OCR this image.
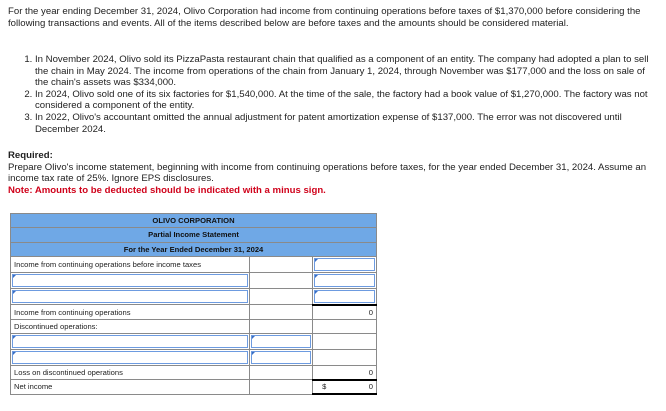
For the year ending December 31, 2024, Olivo Corporation had income from continuing operations before taxes of $1,370,000 before considering the following transactions and events. All of the items described below are before taxes and the amounts should be considered material.
1. In November 2024, Olivo sold its PizzaPasta restaurant chain that qualified as a component of an entity. The company had adopted a plan to sell the chain in May 2024. The income from operations of the chain from January 1, 2024, through November was $177,000 and the loss on sale of the chain's assets was $334,000.
2. In 2024, Olivo sold one of its six factories for $1,540,000. At the time of the sale, the factory had a book value of $1,270,000. The factory was not considered a component of the entity.
3. In 2022, Olivo's accountant omitted the annual adjustment for patent amortization expense of $137,000. The error was not discovered until December 2024.
Required:
Prepare Olivo's income statement, beginning with income from continuing operations before taxes, for the year ended December 31, 2024. Assume an income tax rate of 25%. Ignore EPS disclosures.
Note: Amounts to be deducted should be indicated with a minus sign.
OLIVO CORPORATION		
Partial Income Statement		
For the Year Ended December 31, 2024		
Income from continuing operations before income taxes		

Income from continuing operations		0
Discontinued operations:		

Loss on discontinued operations		0
Net income		$ 0
